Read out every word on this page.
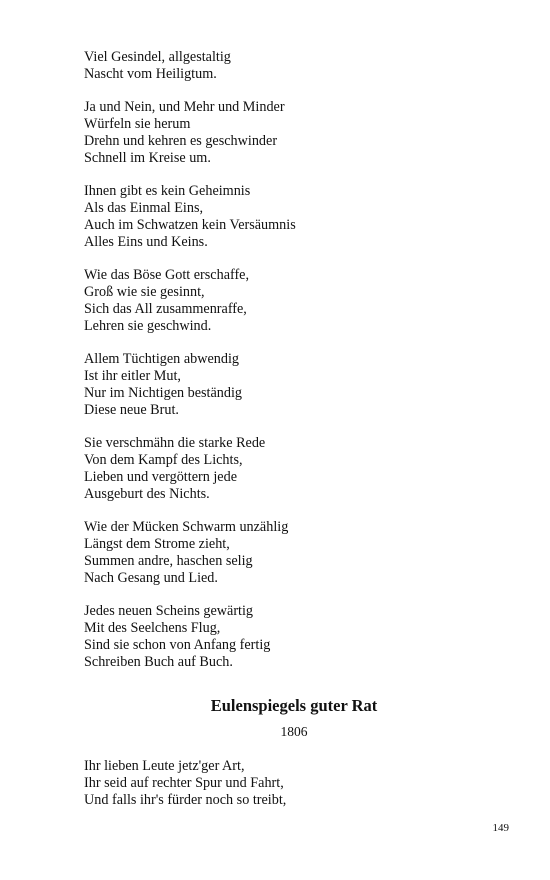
Viel Gesindel, allgestaltig
Nascht vom Heiligtum.
Ja und Nein, und Mehr und Minder
Würfeln sie herum
Drehn und kehren es geschwinder
Schnell im Kreise um.
Ihnen gibt es kein Geheimnis
Als das Einmal Eins,
Auch im Schwatzen kein Versäumnis
Alles Eins und Keins.
Wie das Böse Gott erschaffe,
Groß wie sie gesinnt,
Sich das All zusammenraffe,
Lehren sie geschwind.
Allem Tüchtigen abwendig
Ist ihr eitler Mut,
Nur im Nichtigen beständig
Diese neue Brut.
Sie verschmähn die starke Rede
Von dem Kampf des Lichts,
Lieben und vergöttern jede
Ausgeburt des Nichts.
Wie der Mücken Schwarm unzählig
Längst dem Strome zieht,
Summen andre, haschen selig
Nach Gesang und Lied.
Jedes neuen Scheins gewärtig
Mit des Seelchens Flug,
Sind sie schon von Anfang fertig
Schreiben Buch auf Buch.
Eulenspiegels guter Rat
1806
Ihr lieben Leute jetz'ger Art,
Ihr seid auf rechter Spur und Fahrt,
Und falls ihr's fürder noch so treibt,
149
